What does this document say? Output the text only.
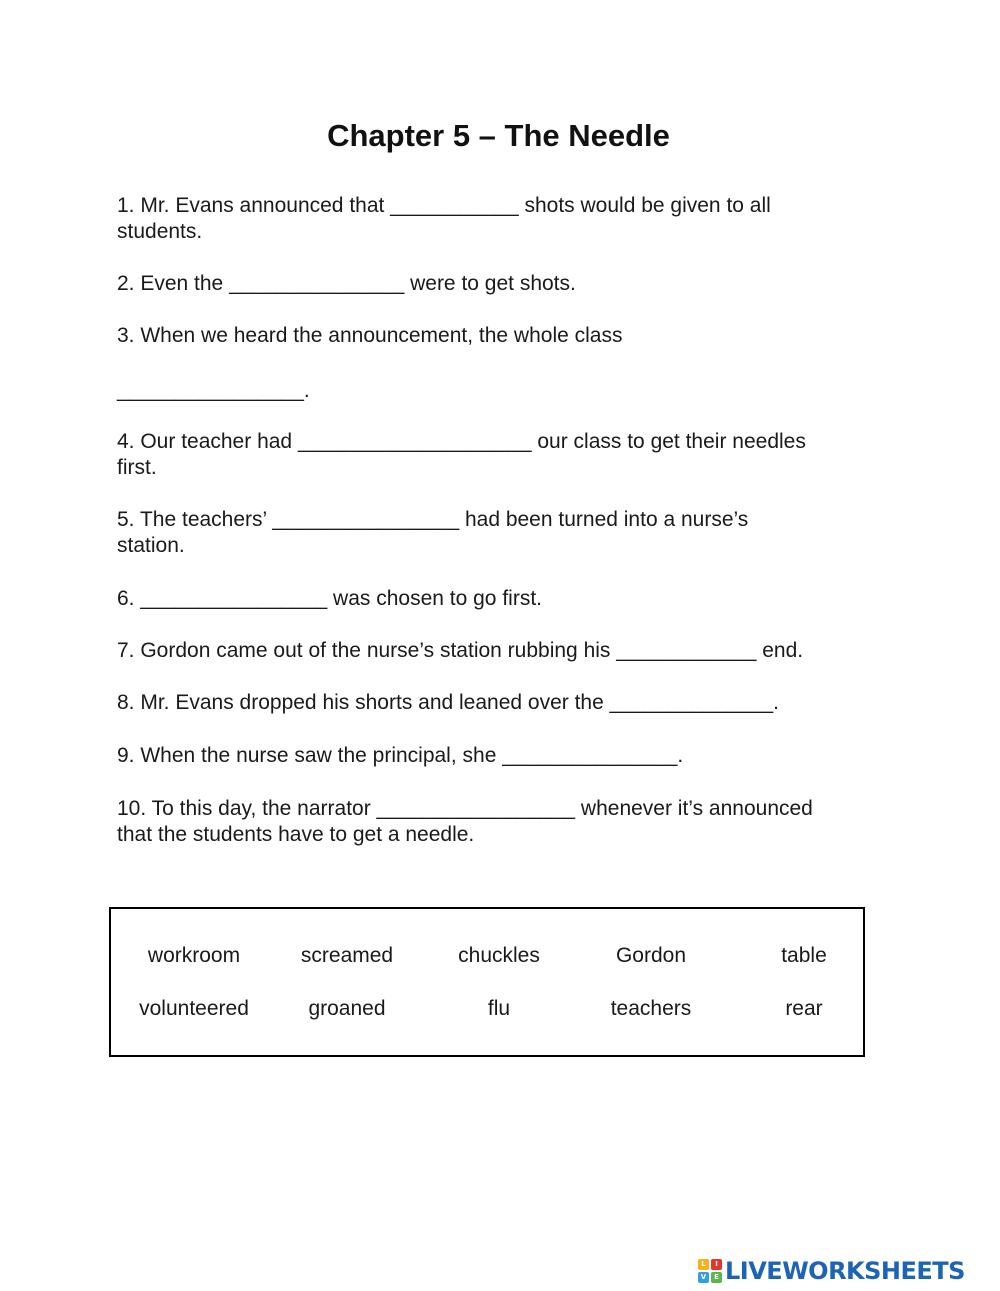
Chapter 5 – The Needle
1. Mr. Evans announced that ___________ shots would be given to all
students.
2. Even the _______________ were to get shots.
3. When we heard the announcement, the whole class
________________.
4. Our teacher had ____________________ our class to get their needles
first.
5. The teachers’ ________________ had been turned into a nurse’s
station.
6. ________________ was chosen to go first.
7. Gordon came out of the nurse’s station rubbing his ____________ end.
8. Mr. Evans dropped his shorts and leaned over the ______________.
9. When the nurse saw the principal, she _______________.
10. To this day, the narrator _________________ whenever it’s announced
that the students have to get a needle.
workroom	screamed	chuckles	Gordon	table
volunteered	groaned	flu	teachers	rear
L	I
V	E LIVEWORKSHEETS
